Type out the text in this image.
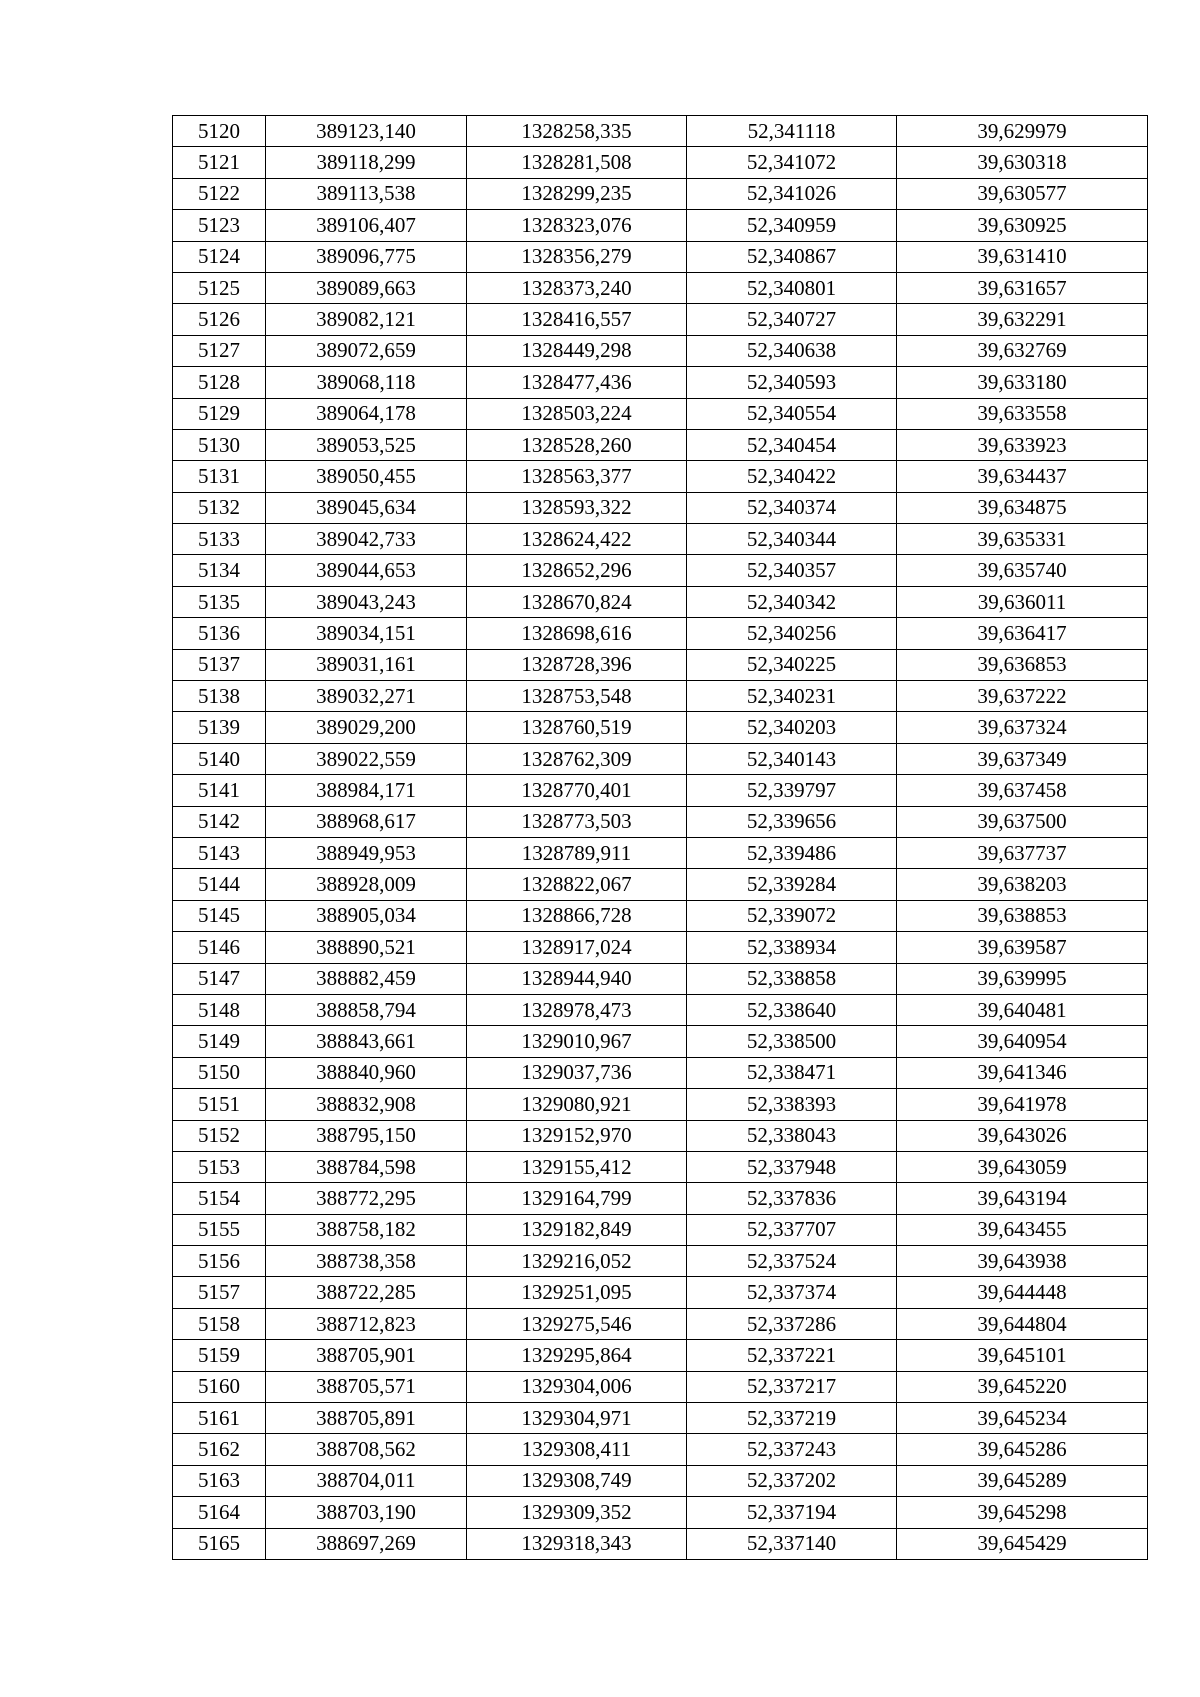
5120	389123,140	1328258,335	52,341118	39,629979
5121	389118,299	1328281,508	52,341072	39,630318
5122	389113,538	1328299,235	52,341026	39,630577
5123	389106,407	1328323,076	52,340959	39,630925
5124	389096,775	1328356,279	52,340867	39,631410
5125	389089,663	1328373,240	52,340801	39,631657
5126	389082,121	1328416,557	52,340727	39,632291
5127	389072,659	1328449,298	52,340638	39,632769
5128	389068,118	1328477,436	52,340593	39,633180
5129	389064,178	1328503,224	52,340554	39,633558
5130	389053,525	1328528,260	52,340454	39,633923
5131	389050,455	1328563,377	52,340422	39,634437
5132	389045,634	1328593,322	52,340374	39,634875
5133	389042,733	1328624,422	52,340344	39,635331
5134	389044,653	1328652,296	52,340357	39,635740
5135	389043,243	1328670,824	52,340342	39,636011
5136	389034,151	1328698,616	52,340256	39,636417
5137	389031,161	1328728,396	52,340225	39,636853
5138	389032,271	1328753,548	52,340231	39,637222
5139	389029,200	1328760,519	52,340203	39,637324
5140	389022,559	1328762,309	52,340143	39,637349
5141	388984,171	1328770,401	52,339797	39,637458
5142	388968,617	1328773,503	52,339656	39,637500
5143	388949,953	1328789,911	52,339486	39,637737
5144	388928,009	1328822,067	52,339284	39,638203
5145	388905,034	1328866,728	52,339072	39,638853
5146	388890,521	1328917,024	52,338934	39,639587
5147	388882,459	1328944,940	52,338858	39,639995
5148	388858,794	1328978,473	52,338640	39,640481
5149	388843,661	1329010,967	52,338500	39,640954
5150	388840,960	1329037,736	52,338471	39,641346
5151	388832,908	1329080,921	52,338393	39,641978
5152	388795,150	1329152,970	52,338043	39,643026
5153	388784,598	1329155,412	52,337948	39,643059
5154	388772,295	1329164,799	52,337836	39,643194
5155	388758,182	1329182,849	52,337707	39,643455
5156	388738,358	1329216,052	52,337524	39,643938
5157	388722,285	1329251,095	52,337374	39,644448
5158	388712,823	1329275,546	52,337286	39,644804
5159	388705,901	1329295,864	52,337221	39,645101
5160	388705,571	1329304,006	52,337217	39,645220
5161	388705,891	1329304,971	52,337219	39,645234
5162	388708,562	1329308,411	52,337243	39,645286
5163	388704,011	1329308,749	52,337202	39,645289
5164	388703,190	1329309,352	52,337194	39,645298
5165	388697,269	1329318,343	52,337140	39,645429
